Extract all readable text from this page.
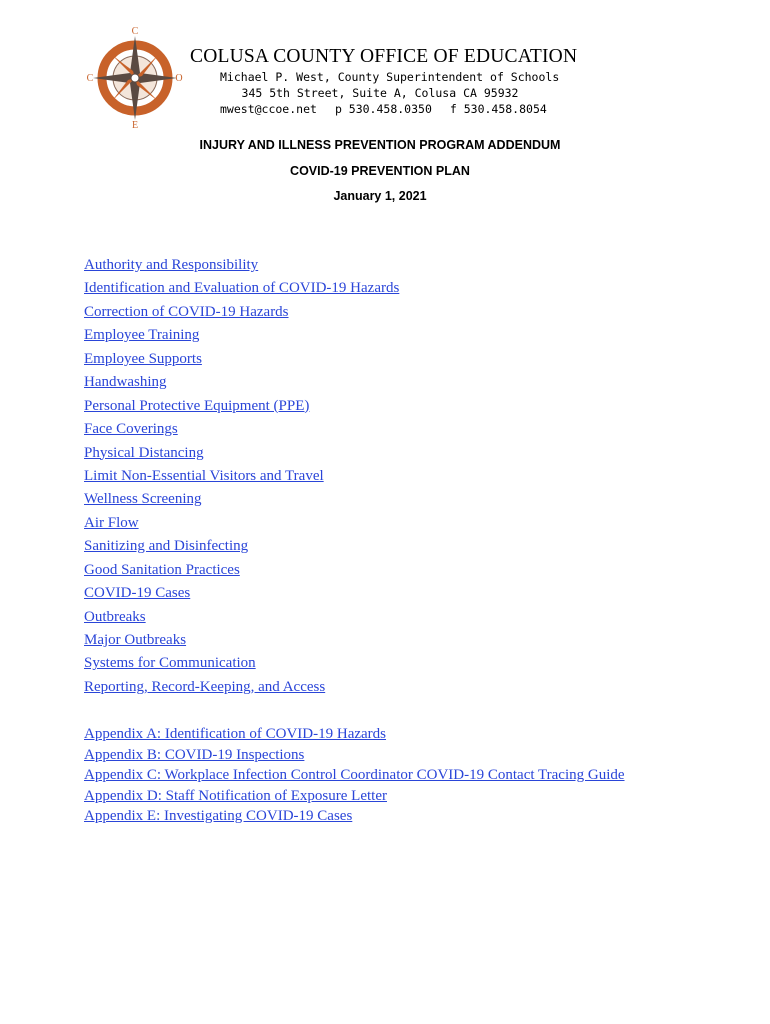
C
C	O
E
COLUSA COUNTY OFFICE OF EDUCATION
Michael P. West, County Superintendent of Schools
345 5th Street, Suite A, Colusa CA 95932
mwest@ccoe.net p 530.458.0350 f 530.458.8054
INJURY AND ILLNESS PREVENTION PROGRAM ADDENDUM
COVID-19 PREVENTION PLAN
January 1, 2021
Authority and Responsibility
Identification and Evaluation of COVID-19 Hazards
Correction of COVID-19 Hazards
Employee Training
Employee Supports
Handwashing
Personal Protective Equipment (PPE)
Face Coverings
Physical Distancing
Limit Non-Essential Visitors and Travel
Wellness Screening
Air Flow
Sanitizing and Disinfecting
Good Sanitation Practices
COVID-19 Cases
Outbreaks
Major Outbreaks
Systems for Communication
Reporting, Record-Keeping, and Access
Appendix A: Identification of COVID-19 Hazards
Appendix B: COVID-19 Inspections
Appendix C: Workplace Infection Control Coordinator COVID-19 Contact Tracing Guide
Appendix D: Staff Notification of Exposure Letter
Appendix E: Investigating COVID-19 Cases
